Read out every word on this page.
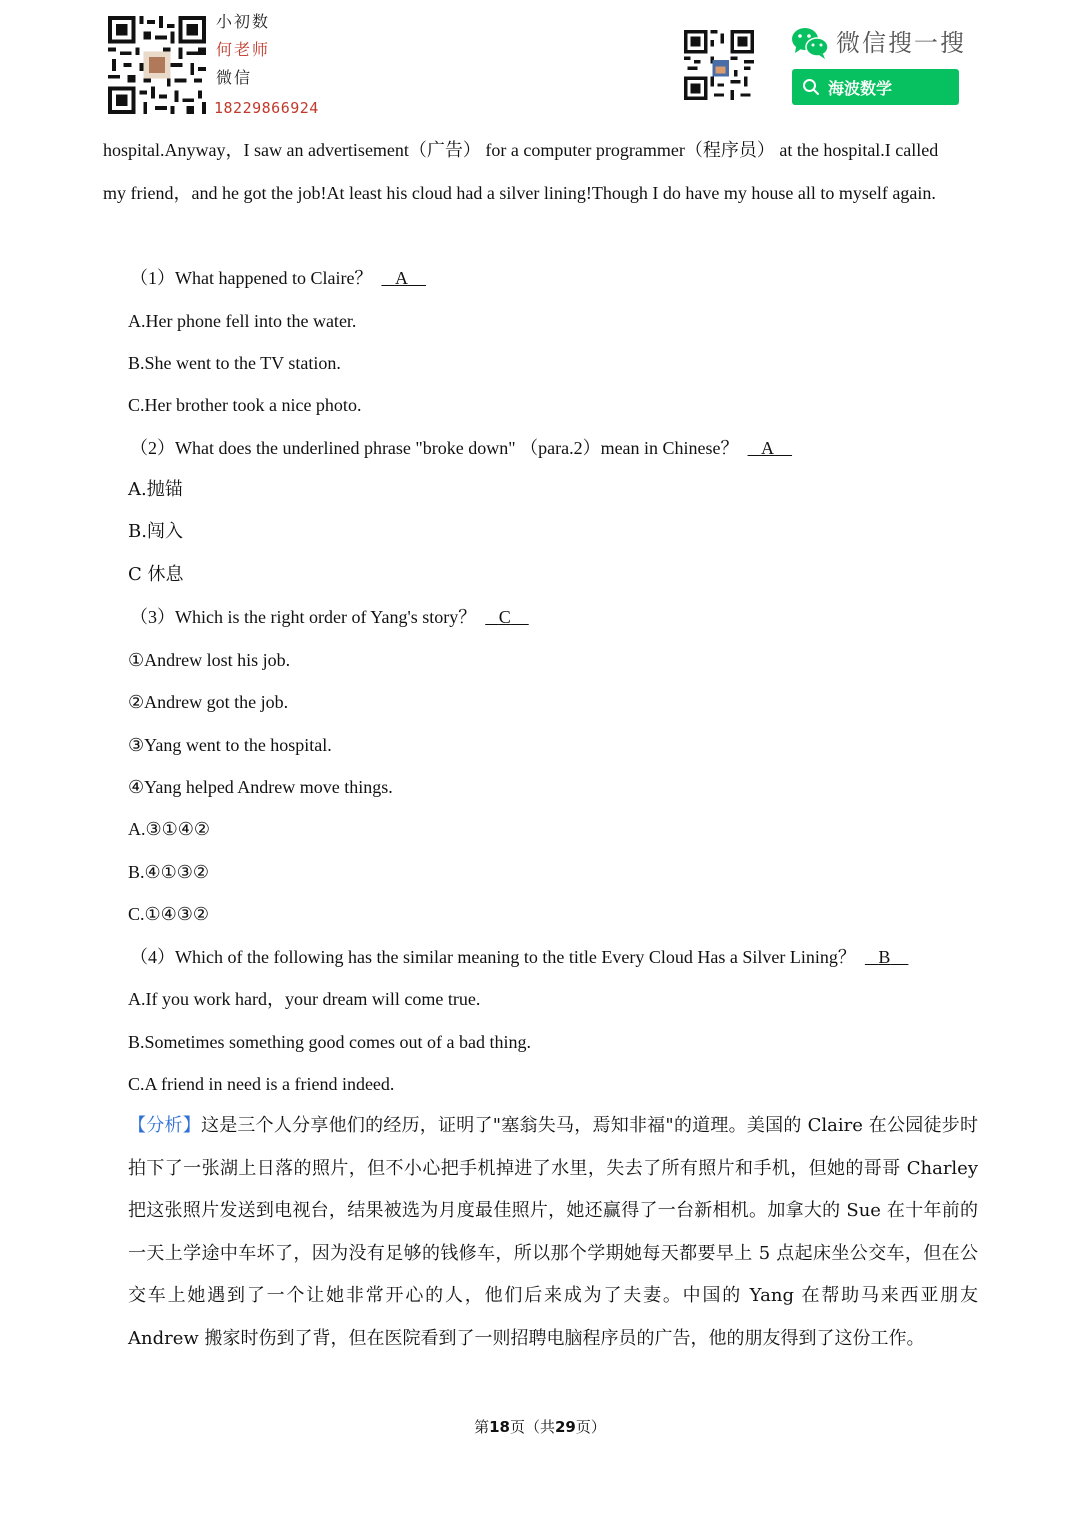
小初数
何老师
微信
18229866924
微信搜一搜
海波数学
hospital.Anyway，I saw an advertisement（广告） for a computer programmer（程序员） at the hospital.I called
my friend，and he got the job!At least his cloud had a silver lining!Though I do have my house all to myself again.
（1）What happened to Claire？ A
A.Her phone fell into the water.
B.She went to the TV station.
C.Her brother took a nice photo.
（2）What does the underlined phrase "broke down" （para.2）mean in Chinese？ A
A.抛锚
B.闯入
C 休息
（3）Which is the right order of Yang's story？ C
①Andrew lost his job.
②Andrew got the job.
③Yang went to the hospital.
④Yang helped Andrew move things.
A.③①④②
B.④①③②
C.①④③②
（4）Which of the following has the similar meaning to the title Every Cloud Has a Silver Lining？ B
A.If you work hard，your dream will come true.
B.Sometimes something good comes out of a bad thing.
C.A friend in need is a friend indeed.
【分析】这是三个人分享他们的经历，证明了"塞翁失马，焉知非福"的道理。美国的 Claire 在公园徒步时拍下了一张湖上日落的照片，但不小心把手机掉进了水里，失去了所有照片和手机，但她的哥哥 Charley 把这张照片发送到电视台，结果被选为月度最佳照片，她还赢得了一台新相机。加拿大的 Sue 在十年前的一天上学途中车坏了，因为没有足够的钱修车，所以那个学期她每天都要早上 5 点起床坐公交车，但在公交车上她遇到了一个让她非常开心的人，他们后来成为了夫妻。中国的 Yang 在帮助马来西亚朋友 Andrew 搬家时伤到了背，但在医院看到了一则招聘电脑程序员的广告，他的朋友得到了这份工作。
第18页（共29页）
